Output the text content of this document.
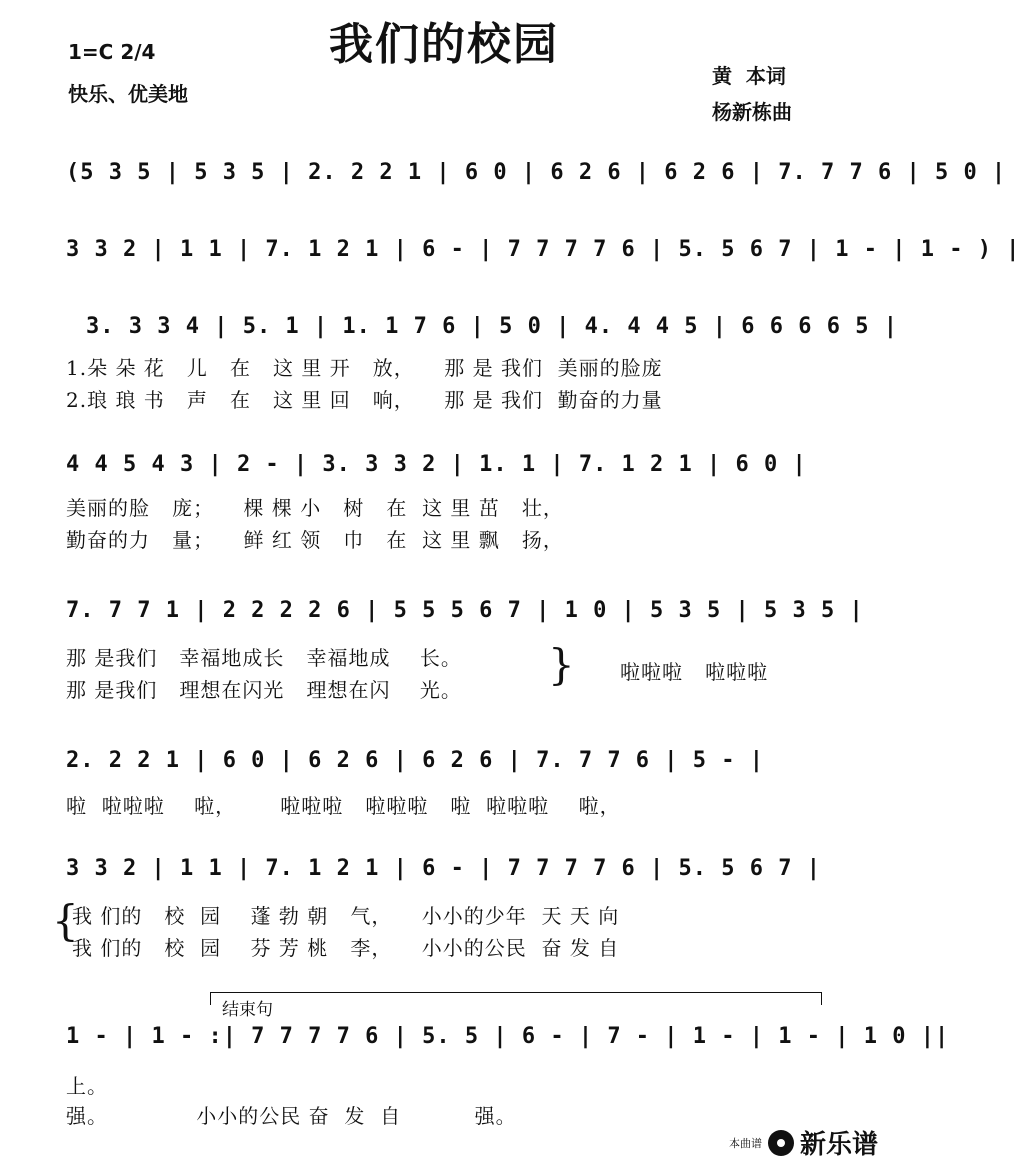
我们的校园
1=C 2/4
快乐、优美地
黄  本词
杨新栋曲
(5 3 5 | 5 3 5 | 2. 2 2 1 | 6 0 | 6 2 6 | 6 2 6 | 7. 7 7 6 | 5 0 |
3 3 2 | 1 1 | 7. 1 2 1 | 6 - | 7 7 7 7 6 | 5. 5 6 7 | 1 - | 1 - ) |
3. 3 3 4 | 5. 1 | 1. 1 7 6 | 5 0 | 4. 4 4 5 | 6 6 6 6 5 |
1.朵 朵 花   儿   在   这 里 开   放，    那 是 我们  美丽的脸庞
2.琅 琅 书   声   在   这 里 回   响，    那 是 我们  勤奋的力量
4 4 5 4 3 | 2 - | 3. 3 3 2 | 1. 1 | 7. 1 2 1 | 6 0 |
美丽的脸   庞；    棵 棵 小   树   在  这 里 茁   壮，
勤奋的力   量；    鲜 红 领   巾   在  这 里 飘   扬，
7. 7 7 1 | 2 2 2 2 6 | 5 5 5 6 7 | 1 0 | 5 3 5 | 5 3 5 |
那 是我们   幸福地成长   幸福地成    长。
那 是我们   理想在闪光   理想在闪    光。
} 啦啦啦   啦啦啦
2. 2 2 1 | 6 0 | 6 2 6 | 6 2 6 | 7. 7 7 6 | 5 - |
啦  啦啦啦    啦，      啦啦啦   啦啦啦   啦  啦啦啦    啦，
3 3 2 | 1 1 | 7. 1 2 1 | 6 - | 7 7 7 7 6 | 5. 5 6 7 |
{
我 们的   校  园    蓬 勃 朝   气，    小小的少年  天 天 向
我 们的   校  园    芬 芳 桃   李，    小小的公民  奋 发 自
结束句
1 - | 1 - :| 7 7 7 7 6 | 5. 5 | 6 - | 7 - | 1 - | 1 - | 1 0 ||
上。
强。            小小的公民 奋  发  自          强。
本曲谱 新乐谱
